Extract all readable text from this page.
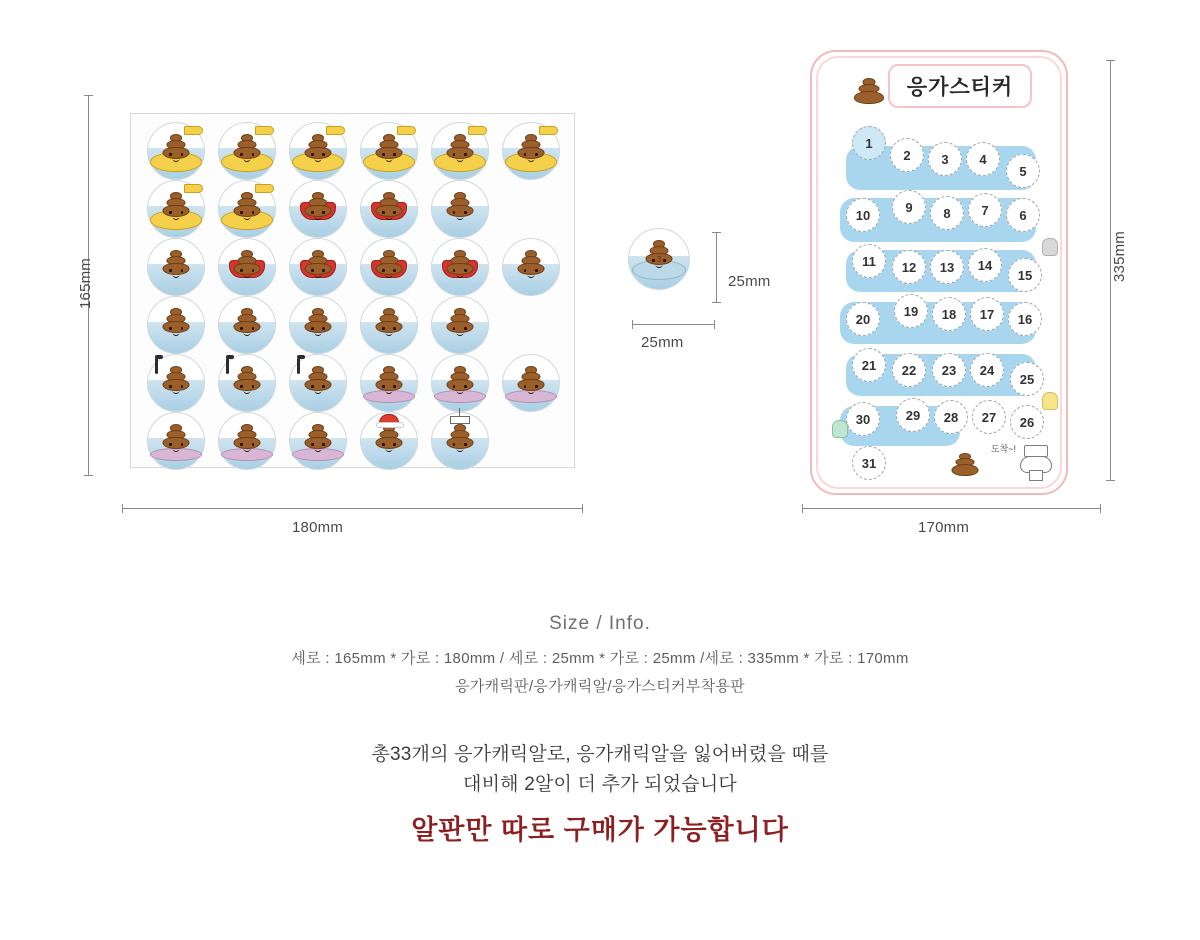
165mm
180mm
3
25mm
25mm
응가스티커
1
2	3	4
5
6
7
8
9
10
11	12	13	14
15
16
17
18
19
20
21	22	23	24
25
26
27
28
29
30
31
도착~!
335mm
170mm
Size / Info.
세로 : 165mm * 가로 : 180mm / 세로 : 25mm * 가로 : 25mm /세로 : 335mm * 가로 : 170mm
응가캐릭판/응가캐릭알/응가스티커부착용판
총33개의 응가캐릭알로, 응가캐릭알을 잃어버렸을 때를
대비해 2알이 더 추가 되었습니다
알판만 따로 구매가 가능합니다
